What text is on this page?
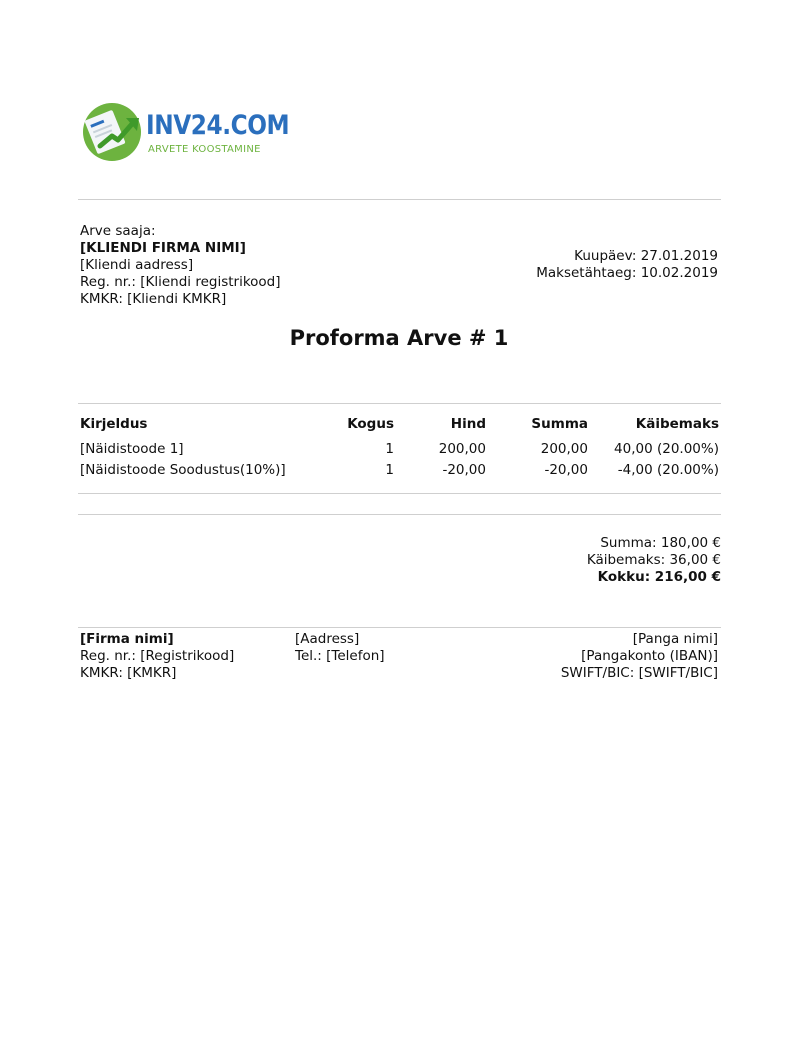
INV24.COM
ARVETE KOOSTAMINE
Arve saaja:
[KLIENDI FIRMA NIMI]
[Kliendi aadress]
Reg. nr.: [Kliendi registrikood]
KMKR: [Kliendi KMKR]
Kuupäev: 27.01.2019
Maksetähtaeg: 10.02.2019
Proforma Arve # 1
Kirjeldus	Kogus	Hind	Summa	Käibemaks
[Näidistoode 1]	1	200,00	200,00	40,00 (20.00%)
[Näidistoode Soodustus(10%)]	1	-20,00	-20,00	-4,00 (20.00%)
Summa: 180,00 €
Käibemaks: 36,00 €
Kokku: 216,00 €
[Firma nimi]
Reg. nr.: [Registrikood]
KMKR: [KMKR]
[Aadress]
Tel.: [Telefon]
[Panga nimi]
[Pangakonto (IBAN)]
SWIFT/BIC: [SWIFT/BIC]
